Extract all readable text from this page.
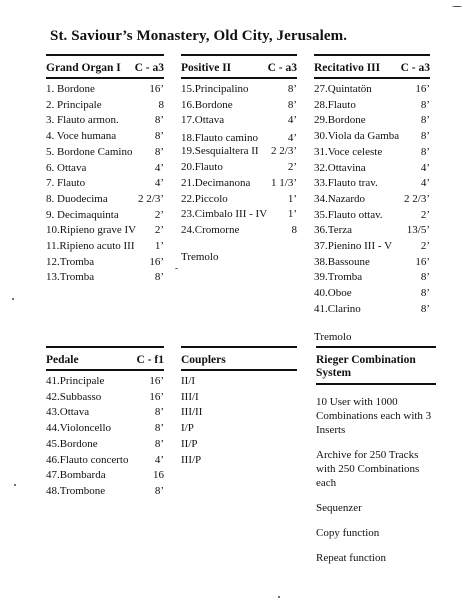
St. Saviour’s Monastery, Old City, Jerusalem.
Grand Organ I C - a3
1. Bordone	16’
2. Principale	8
3. Flauto armon.	8’
4. Voce humana	8’
5. Bordone Camino 8’
6. Ottava	4’
7. Flauto	4’
8. Duodecima	2 2/3’
9. Decimaquinta	2’
10.Ripieno grave IV 2’
11.Ripieno acuto III 1’
12.Tromba	16’
13.Tromba	8’
Positive II	C - a3
15.Principalino	8’
16.Bordone	8’
17.Ottava	4’
18.Flauto camino	4’
19.Sesquialtera II 2 2/3’
20.Flauto	2’
21.Decimanona 1 1/3’
22.Piccolo	1’
23.Cimbalo III - IV 1’
24.Cromorne	8
Tremolo
Recitativo III C - a3
27.Quintatön	16’
28.Flauto	8’
29.Bordone	8’
30.Viola da Gamba 8’
31.Voce celeste	8’
32.Ottavina	4’
33.Flauto trav.	4’
34.Nazardo	2 2/3’
35.Flauto ottav.	2’
36.Terza	13/5’
37.Pienino III - V	2’
38.Bassoune	16’
39.Tromba	8’
40.Oboe	8’
41.Clarino	8’
Tremolo
Pedale	C - f1
41.Principale	16’
42.Subbasso	16’
43.Ottava	8’
44.Violoncello	8’
45.Bordone	8’
46.Flauto concerto 4’
47.Bombarda	16
48.Trombone	8’
Couplers
II/I
III/I
III/II
I/P
II/P
III/P
Rieger Combination System
10 User with 1000 Combinations each with 3 Inserts
Archive for 250 Tracks with 250 Combinations each
Sequenzer
Copy function
Repeat function
